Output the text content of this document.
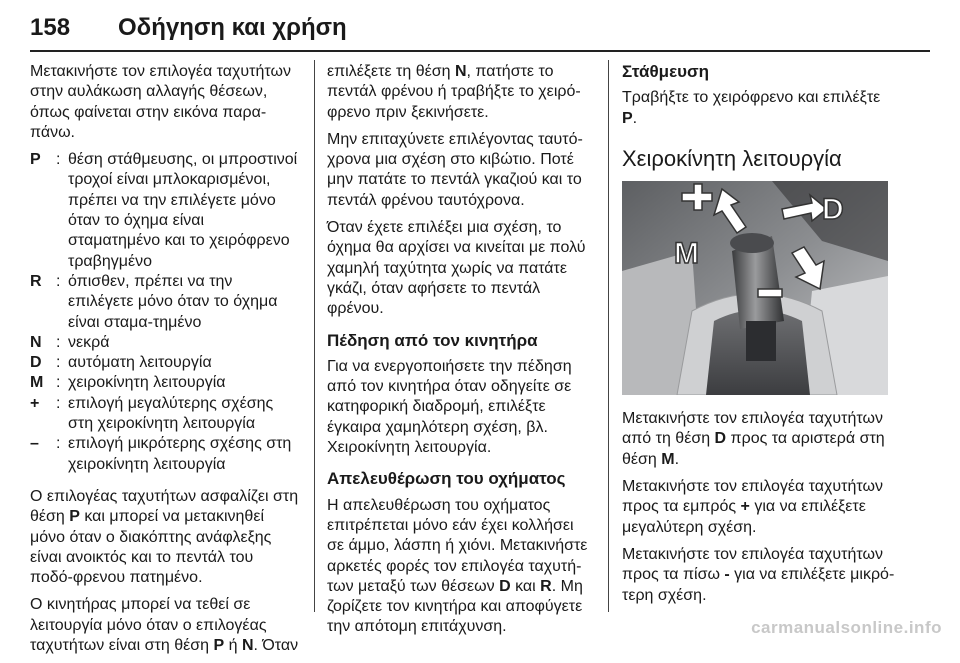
158 Οδήγηση και χρήση

Μετακινήστε τον επιλογέα ταχυτήτων στην αυλάκωση αλλαγής θέσεων, όπως φαίνεται στην εικόνα παρα-πάνω.

P : θέση στάθμευσης, οι μπροστινοί τροχοί είναι μπλοκαρισμένοι, πρέπει να την επιλέγετε μόνο όταν το όχημα είναι σταματημένο και το χειρόφρενο τραβηγμένο
R : όπισθεν, πρέπει να την επιλέγετε μόνο όταν το όχημα είναι σταμα-τημένο
N : νεκρά
D : αυτόματη λειτουργία
M : χειροκίνητη λειτουργία
+	: επιλογή μεγαλύτερης σχέσης στη χειροκίνητη λειτουργία
–	: επιλογή μικρότερης σχέσης στη χειροκίνητη λειτουργία

Ο επιλογέας ταχυτήτων ασφαλίζει στη θέση P και μπορεί να μετακινηθεί μόνο όταν ο διακόπτης ανάφλεξης είναι ανοικτός και το πεντάλ του ποδό-φρενου πατημένο.

Ο κινητήρας μπορεί να τεθεί σε λειτουργία μόνο όταν ο επιλογέας ταχυτήτων είναι στη θέση P ή N. Όταν

επιλέξετε τη θέση N, πατήστε το πεντάλ φρένου ή τραβήξτε το χειρό-φρενο πριν ξεκινήσετε.

Μην επιταχύνετε επιλέγοντας ταυτό-χρονα μια σχέση στο κιβώτιο. Ποτέ μην πατάτε το πεντάλ γκαζιού και το πεντάλ φρένου ταυτόχρονα.

Όταν έχετε επιλέξει μια σχέση, το όχημα θα αρχίσει να κινείται με πολύ χαμηλή ταχύτητα χωρίς να πατάτε γκάζι, όταν αφήσετε το πεντάλ φρένου.

Πέδηση από τον κινητήρα

Για να ενεργοποιήσετε την πέδηση από τον κινητήρα όταν οδηγείτε σε κατηφορική διαδρομή, επιλέξτε έγκαιρα χαμηλότερη σχέση, βλ. Χειροκίνητη λειτουργία.

Απελευθέρωση του οχήματος

Η απελευθέρωση του οχήματος επιτρέπεται μόνο εάν έχει κολλήσει σε άμμο, λάσπη ή χιόνι. Μετακινήστε αρκετές φορές τον επιλογέα ταχυτή-των μεταξύ των θέσεων D και R. Μη ζορίζετε τον κινητήρα και αποφύγετε την απότομη επιτάχυνση.

Στάθμευση

Τραβήξτε το χειρόφρενο και επιλέξτε P.

Χειροκίνητη λειτουργία
D
M

Μετακινήστε τον επιλογέα ταχυτήτων από τη θέση D προς τα αριστερά στη θέση M.

Μετακινήστε τον επιλογέα ταχυτήτων προς τα εμπρός + για να επιλέξετε μεγαλύτερη σχέση.

Μετακινήστε τον επιλογέα ταχυτήτων προς τα πίσω - για να επιλέξετε μικρό-τερη σχέση.

carmanualsonline.info
